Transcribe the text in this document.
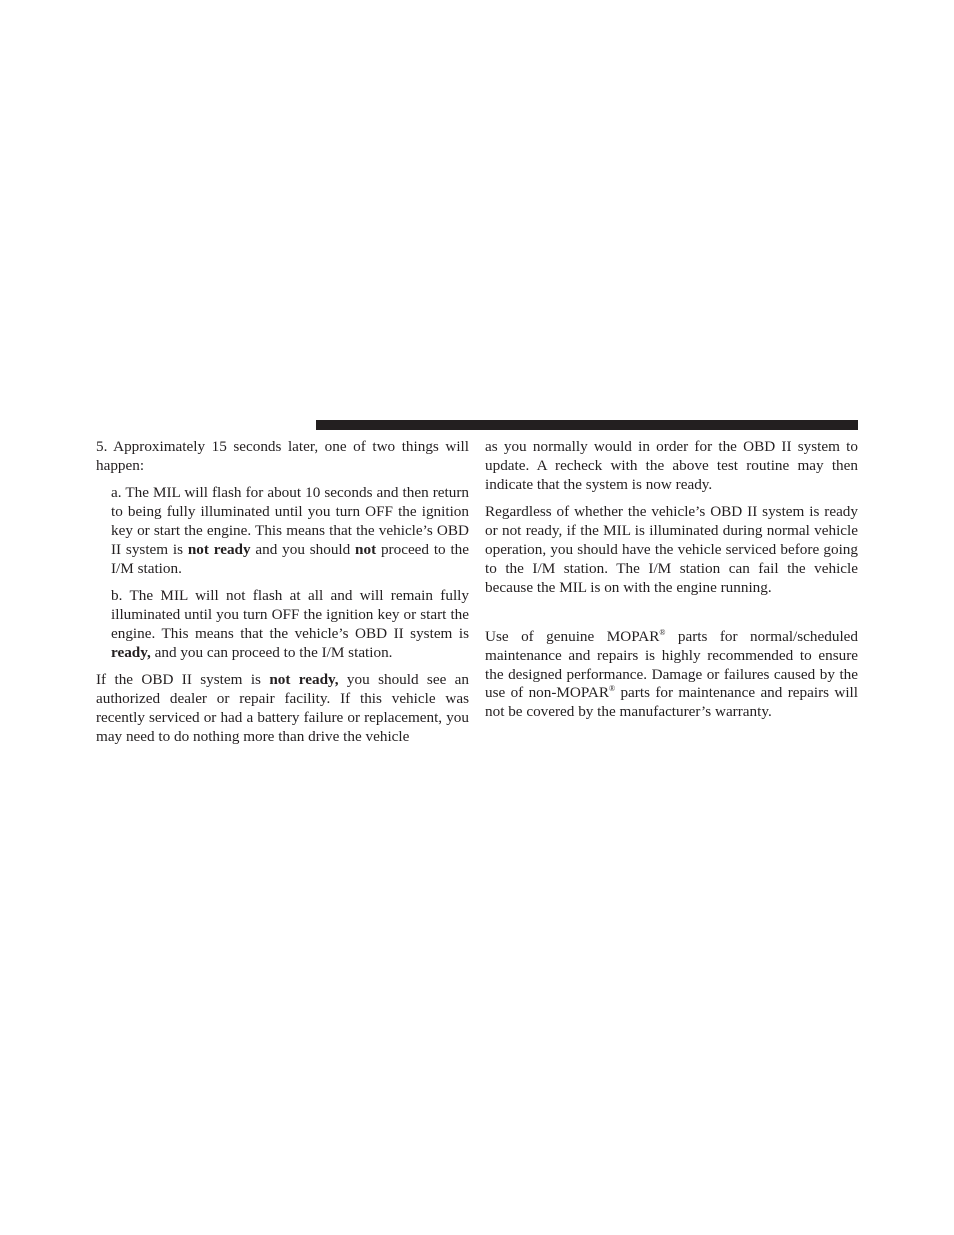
5. Approximately 15 seconds later, one of two things will happen:

a. The MIL will flash for about 10 seconds and then return to being fully illuminated until you turn OFF the ignition key or start the engine. This means that the vehicle’s OBD II system is not ready and you should not proceed to the I/M station.

b. The MIL will not flash at all and will remain fully illuminated until you turn OFF the ignition key or start the engine. This means that the vehicle’s OBD II system is ready, and you can proceed to the I/M station.

If the OBD II system is not ready, you should see an authorized dealer or repair facility. If this vehicle was recently serviced or had a battery failure or replacement, you may need to do nothing more than drive the vehicle

as you normally would in order for the OBD II system to update. A recheck with the above test routine may then indicate that the system is now ready.

Regardless of whether the vehicle’s OBD II system is ready or not ready, if the MIL is illuminated during normal vehicle operation, you should have the vehicle serviced before going to the I/M station. The I/M station can fail the vehicle because the MIL is on with the engine running.

Use of genuine MOPAR® parts for normal/scheduled maintenance and repairs is highly recommended to ensure the designed performance. Damage or failures caused by the use of non-MOPAR® parts for maintenance and repairs will not be covered by the manufacturer’s warranty.
